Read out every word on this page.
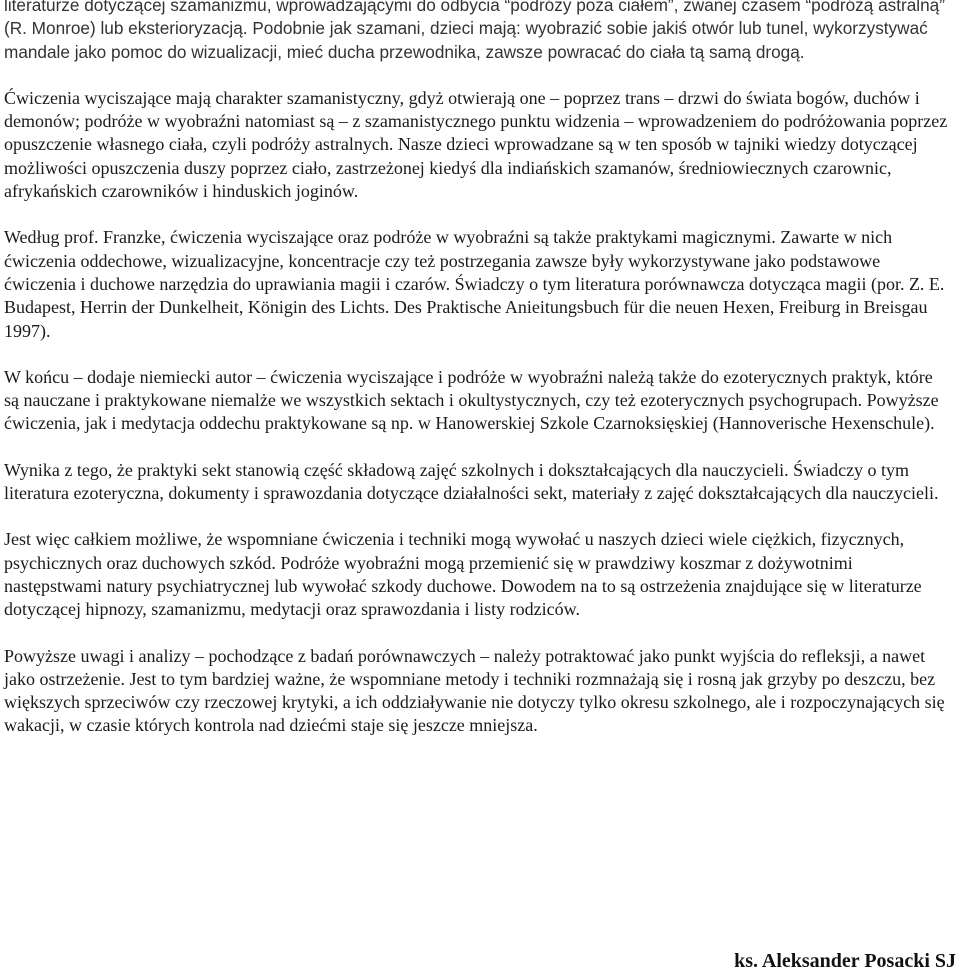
literaturze dotyczącej szamanizmu, wprowadzającymi do odbycia “podróży poza ciałem”, zwanej czasem “podróżą astralną” (R. Monroe) lub eksterioryzacją. Podobnie jak szamani, dzieci mają: wyobrazić sobie jakiś otwór lub tunel, wykorzystywać mandale jako pomoc do wizualizacji, mieć ducha przewodnika, zawsze powracać do ciała tą samą drogą.

Ćwiczenia wyciszające mają charakter szamanistyczny, gdyż otwierają one – poprzez trans – drzwi do świata bogów, duchów i demonów; podróże w wyobraźni natomiast są – z szamanistycznego punktu widzenia – wprowadzeniem do podróżowania poprzez opuszczenie własnego ciała, czyli podróży astralnych. Nasze dzieci wprowadzane są w ten sposób w tajniki wiedzy dotyczącej możliwości opuszczenia duszy poprzez ciało, zastrzeżonej kiedyś dla indiańskich szamanów, średniowiecznych czarownic, afrykańskich czarowników i hinduskich joginów.

Według prof. Franzke, ćwiczenia wyciszające oraz podróże w wyobraźni są także praktykami magicznymi. Zawarte w nich ćwiczenia oddechowe, wizualizacyjne, koncentracje czy też postrzegania zawsze były wykorzystywane jako podstawowe ćwiczenia i duchowe narzędzia do uprawiania magii i czarów. Świadczy o tym literatura porównawcza dotycząca magii (por. Z. E. Budapest, Herrin der Dunkelheit, Königin des Lichts. Des Praktische Anieitungsbuch für die neuen Hexen, Freiburg in Breisgau 1997).

W końcu – dodaje niemiecki autor – ćwiczenia wyciszające i podróże w wyobraźni należą także do ezoterycznych praktyk, które są nauczane i praktykowane niemalże we wszystkich sektach i okultystycznych, czy też ezoterycznych psychogrupach. Powyższe ćwiczenia, jak i medytacja oddechu praktykowane są np. w Hanowerskiej Szkole Czarnoksięskiej (Hannoverische Hexenschule).

Wynika z tego, że praktyki sekt stanowią część składową zajęć szkolnych i dokształcających dla nauczycieli. Świadczy o tym literatura ezoteryczna, dokumenty i sprawozdania dotyczące działalności sekt, materiały z zajęć dokształcających dla nauczycieli.

Jest więc całkiem możliwe, że wspomniane ćwiczenia i techniki mogą wywołać u naszych dzieci wiele ciężkich, fizycznych, psychicznych oraz duchowych szkód. Podróże wyobraźni mogą przemienić się w prawdziwy koszmar z dożywotnimi następstwami natury psychiatrycznej lub wywołać szkody duchowe. Dowodem na to są ostrzeżenia znajdujące się w literaturze dotyczącej hipnozy, szamanizmu, medytacji oraz sprawozdania i listy rodziców.

Powyższe uwagi i analizy – pochodzące z badań porównawczych – należy potraktować jako punkt wyjścia do refleksji, a nawet jako ostrzeżenie. Jest to tym bardziej ważne, że wspomniane metody i techniki rozmnażają się i rosną jak grzyby po deszczu, bez większych sprzeciwów czy rzeczowej krytyki, a ich oddziaływanie nie dotyczy tylko okresu szkolnego, ale i rozpoczynających się wakacji, w czasie których kontrola nad dziećmi staje się jeszcze mniejsza.

ks. Aleksander Posacki SJ
